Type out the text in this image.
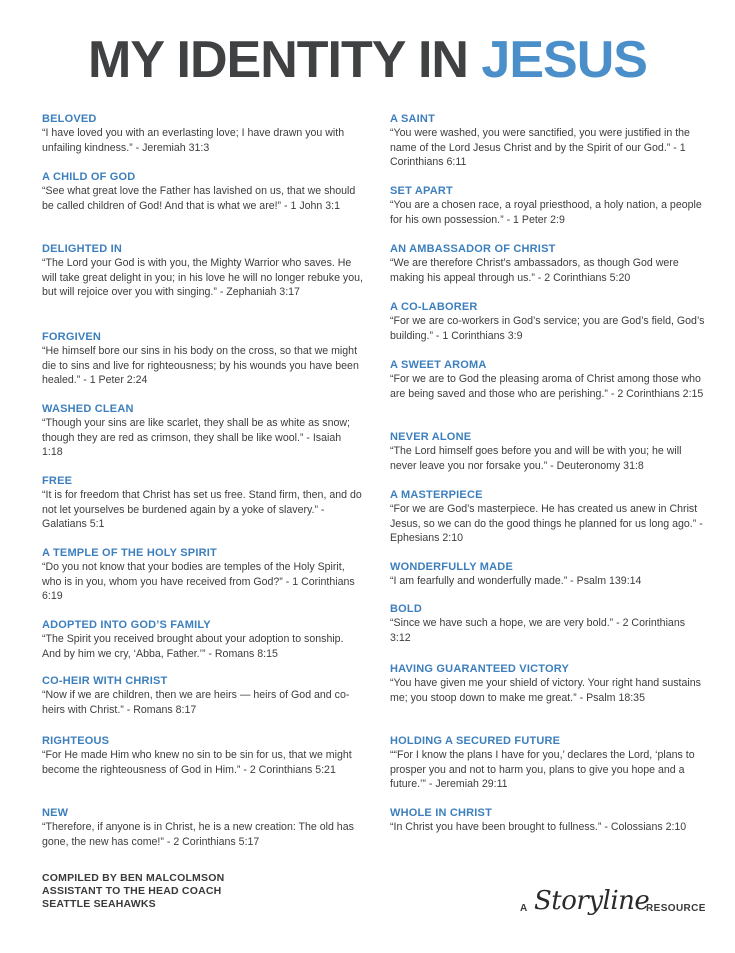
MY IDENTITY IN JESUS
BELOVED

“I have loved you with an everlasting love; I have drawn you with unfailing kindness.” - Jeremiah 31:3

A CHILD OF GOD

“See what great love the Father has lavished on us, that we should be called children of God! And that is what we are!” - 1 John 3:1

DELIGHTED IN

“The Lord your God is with you, the Mighty Warrior who saves. He will take great delight in you; in his love he will no longer rebuke you, but will rejoice over you with singing.” - Zephaniah 3:17

FORGIVEN

“He himself bore our sins in his body on the cross, so that we might die to sins and live for righteousness; by his wounds you have been healed.” - 1 Peter 2:24

WASHED CLEAN

“Though your sins are like scarlet, they shall be as white as snow; though they are red as crimson, they shall be like wool.” - Isaiah 1:18

FREE

“It is for freedom that Christ has set us free. Stand firm, then, and do not let yourselves be burdened again by a yoke of slavery.” - Galatians 5:1

A TEMPLE OF THE HOLY SPIRIT

“Do you not know that your bodies are temples of the Holy Spirit, who is in you, whom you have received from God?” - 1 Corinthians 6:19

ADOPTED INTO GOD’S FAMILY

“The Spirit you received brought about your adoption to sonship. And by him we cry, ‘Abba, Father.’” - Romans 8:15

CO-HEIR WITH CHRIST

“Now if we are children, then we are heirs — heirs of God and co-heirs with Christ.” - Romans 8:17

RIGHTEOUS

“For He made Him who knew no sin to be sin for us, that we might become the righteousness of God in Him.” - 2 Corinthians 5:21

NEW

“Therefore, if anyone is in Christ, he is a new creation: The old has gone, the new has come!” - 2 Corinthians 5:17

A SAINT

“You were washed, you were sanctified, you were justified in the name of the Lord Jesus Christ and by the Spirit of our God.” - 1 Corinthians 6:11

SET APART

“You are a chosen race, a royal priesthood, a holy nation, a people for his own possession.” - 1 Peter 2:9

AN AMBASSADOR OF CHRIST

“We are therefore Christ’s ambassadors, as though God were making his appeal through us.” - 2 Corinthians 5:20

A CO-LABORER

“For we are co-workers in God’s service; you are God’s field, God’s building.” - 1 Corinthians 3:9

A SWEET AROMA

“For we are to God the pleasing aroma of Christ among those who are being saved and those who are perishing.” - 2 Corinthians 2:15

NEVER ALONE

“The Lord himself goes before you and will be with you; he will never leave you nor forsake you.” - Deuteronomy 31:8

A MASTERPIECE

“For we are God’s masterpiece. He has created us anew in Christ Jesus, so we can do the good things he planned for us long ago.” - Ephesians 2:10

WONDERFULLY MADE

“I am fearfully and wonderfully made.” - Psalm 139:14

BOLD

“Since we have such a hope, we are very bold.” - 2 Corinthians 3:12

HAVING GUARANTEED VICTORY

“You have given me your shield of victory. Your right hand sustains me; you stoop down to make me great.” - Psalm 18:35

HOLDING A SECURED FUTURE

““For I know the plans I have for you,’ declares the Lord, ‘plans to prosper you and not to harm you, plans to give you hope and a future.’” - Jeremiah 29:11

WHOLE IN CHRIST

“In Christ you have been brought to fullness.” - Colossians 2:10

COMPILED BY BEN MALCOLMSON
ASSISTANT TO THE HEAD COACH
SEATTLE SEAHAWKS	A Storyline
RESOURCE
